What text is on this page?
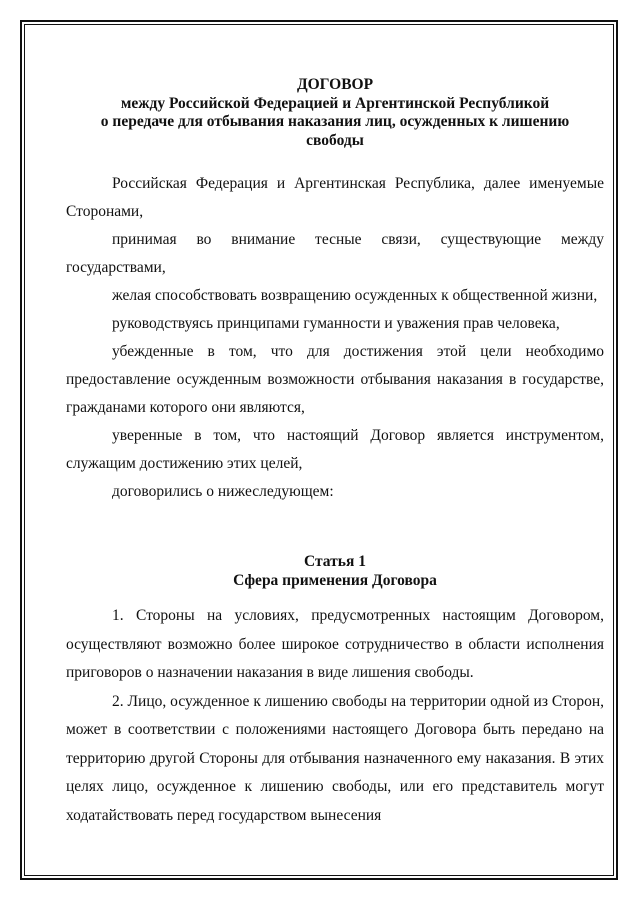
ДОГОВОР
между Российской Федерацией и Аргентинской Республикой
о передаче для отбывания наказания лиц, осужденных к лишению
свободы

Российская Федерация и Аргентинская Республика, далее именуемые Сторонами,

принимая во внимание тесные связи, существующие между государствами,

желая способствовать возвращению осужденных к общественной жизни,

руководствуясь принципами гуманности и уважения прав человека,

убежденные в том, что для достижения этой цели необходимо предоставление осужденным возможности отбывания наказания в государстве, гражданами которого они являются,

уверенные в том, что настоящий Договор является инструментом, служащим достижению этих целей,

договорились о нижеследующем:

Статья 1
Сфера применения Договора

1. Стороны на условиях, предусмотренных настоящим Договором, осуществляют возможно более широкое сотрудничество в области исполнения приговоров о назначении наказания в виде лишения свободы.

2. Лицо, осужденное к лишению свободы на территории одной из Сторон, может в соответствии с положениями настоящего Договора быть передано на территорию другой Стороны для отбывания назначенного ему наказания. В этих целях лицо, осужденное к лишению свободы, или его представитель могут ходатайствовать перед государством вынесения
